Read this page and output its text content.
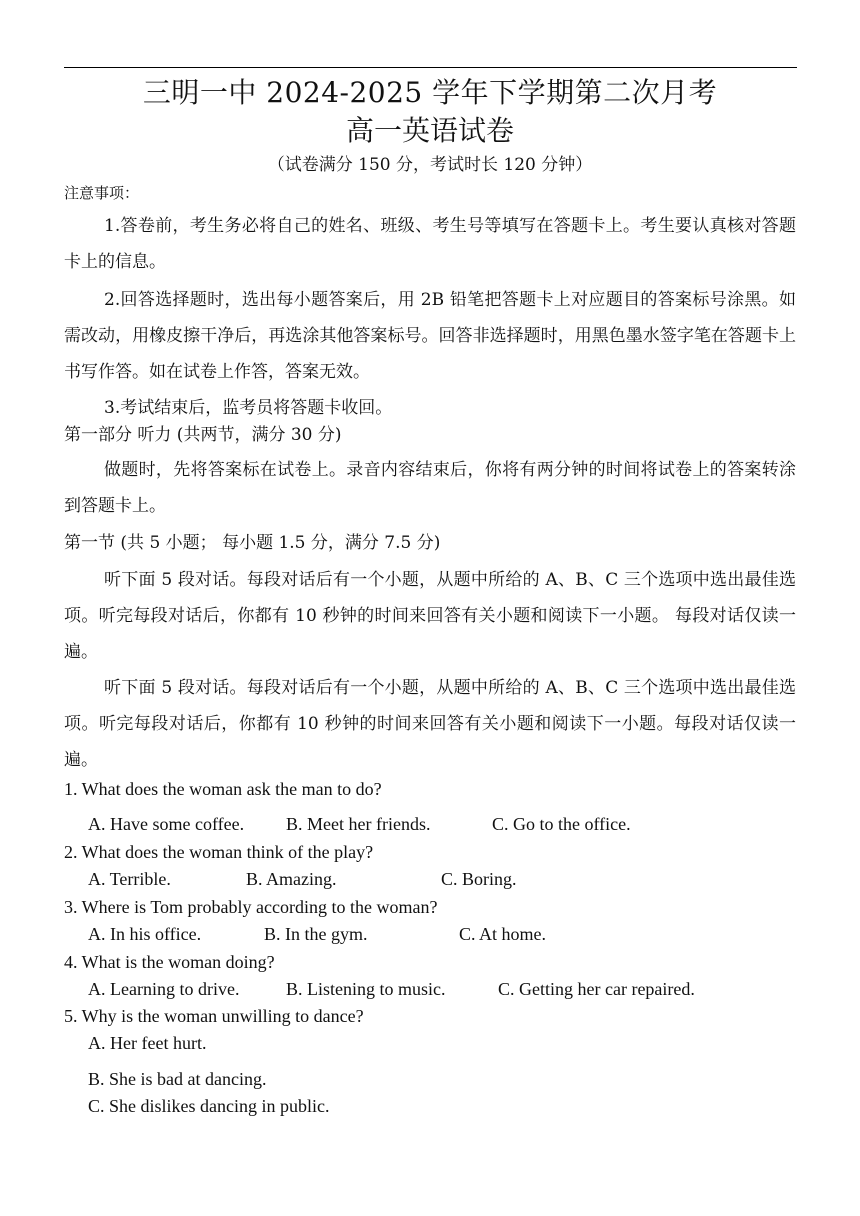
三明一中 2024-2025 学年下学期第二次月考
高一英语试卷
（试卷满分 150 分，考试时长 120 分钟）
注意事项：
1.答卷前，考生务必将自己的姓名、班级、考生号等填写在答题卡上。考生要认真核对答题卡上的信息。
2.回答选择题时，选出每小题答案后，用 2B 铅笔把答题卡上对应题目的答案标号涂黑。如需改动，用橡皮擦干净后，再选涂其他答案标号。回答非选择题时，用黑色墨水签字笔在答题卡上书写作答。如在试卷上作答，答案无效。
3.考试结束后，监考员将答题卡收回。
第一部分 听力 (共两节，满分 30 分)
做题时，先将答案标在试卷上。录音内容结束后，你将有两分钟的时间将试卷上的答案转涂到答题卡上。
第一节 (共 5 小题； 每小题 1.5 分，满分 7.5 分)
听下面 5 段对话。每段对话后有一个小题，从题中所给的 A、B、C 三个选项中选出最佳选项。听完每段对话后，你都有 10 秒钟的时间来回答有关小题和阅读下一小题。 每段对话仅读一遍。
听下面 5 段对话。每段对话后有一个小题，从题中所给的 A、B、C 三个选项中选出最佳选项。听完每段对话后，你都有 10 秒钟的时间来回答有关小题和阅读下一小题。每段对话仅读一遍。
1. What does the woman ask the man to do?
A. Have some coffee. B. Meet her friends.	C. Go to the office.
2. What does the woman think of the play?
A. Terrible.	B. Amazing.	C. Boring.
3. Where is Tom probably according to the woman?
A. In his office.	B. In the gym.	C. At home.
4. What is the woman doing?
A. Learning to drive.	B. Listening to music.	C. Getting her car repaired.
5. Why is the woman unwilling to dance?
A. Her feet hurt.
B. She is bad at dancing.
C. She dislikes dancing in public.
